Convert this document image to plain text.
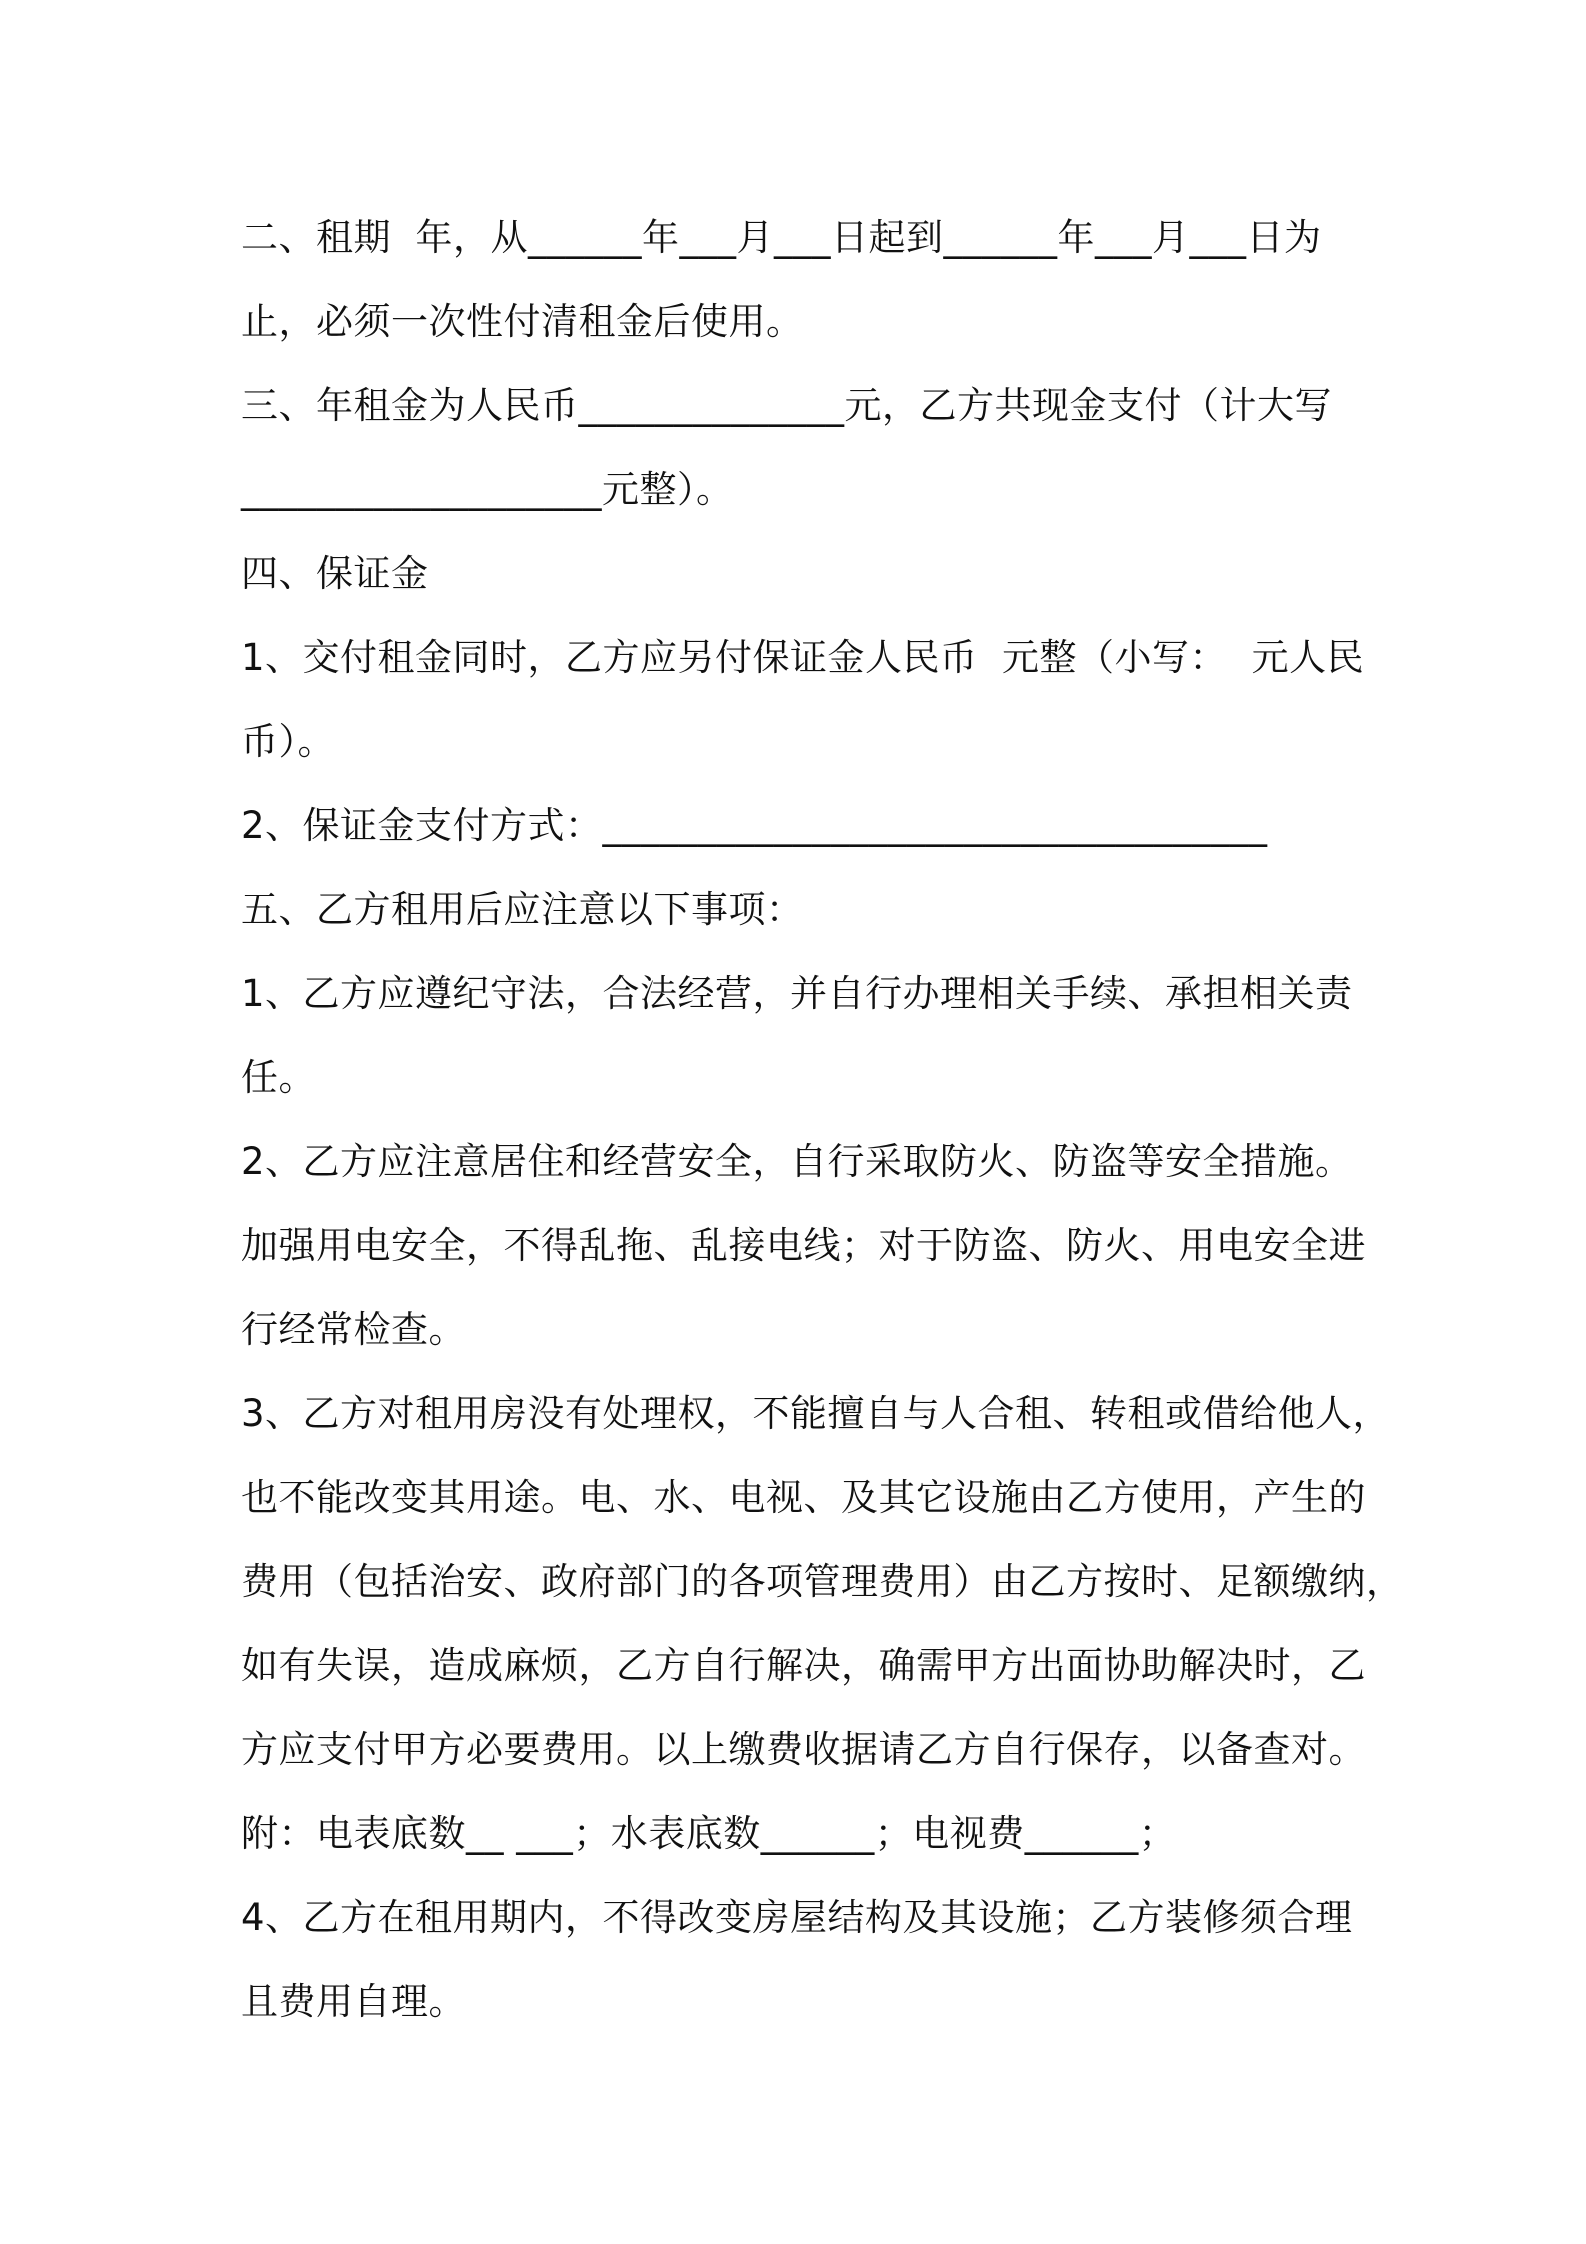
二、租期  年，从______年___月___日起到______年___月___日为
止，必须一次性付清租金后使用。
三、年租金为人民币______________元，乙方共现金支付（计大写
___________________元整）。
四、保证金
1、交付租金同时，乙方应另付保证金人民币  元整（小写：  元人民
币）。
2、保证金支付方式：___________________________________
五、乙方租用后应注意以下事项：
1、乙方应遵纪守法，合法经营，并自行办理相关手续、承担相关责
任。
2、乙方应注意居住和经营安全，自行采取防火、防盗等安全措施。
加强用电安全，不得乱拖、乱接电线；对于防盗、防火、用电安全进
行经常检查。
3、乙方对租用房没有处理权，不能擅自与人合租、转租或借给他人，
也不能改变其用途。电、水、电视、及其它设施由乙方使用，产生的
费用（包括治安、政府部门的各项管理费用）由乙方按时、足额缴纳，
如有失误，造成麻烦，乙方自行解决，确需甲方出面协助解决时，乙
方应支付甲方必要费用。以上缴费收据请乙方自行保存，以备查对。
附：电表底数__ ___；水表底数______；电视费______；
4、乙方在租用期内，不得改变房屋结构及其设施；乙方装修须合理
且费用自理。
